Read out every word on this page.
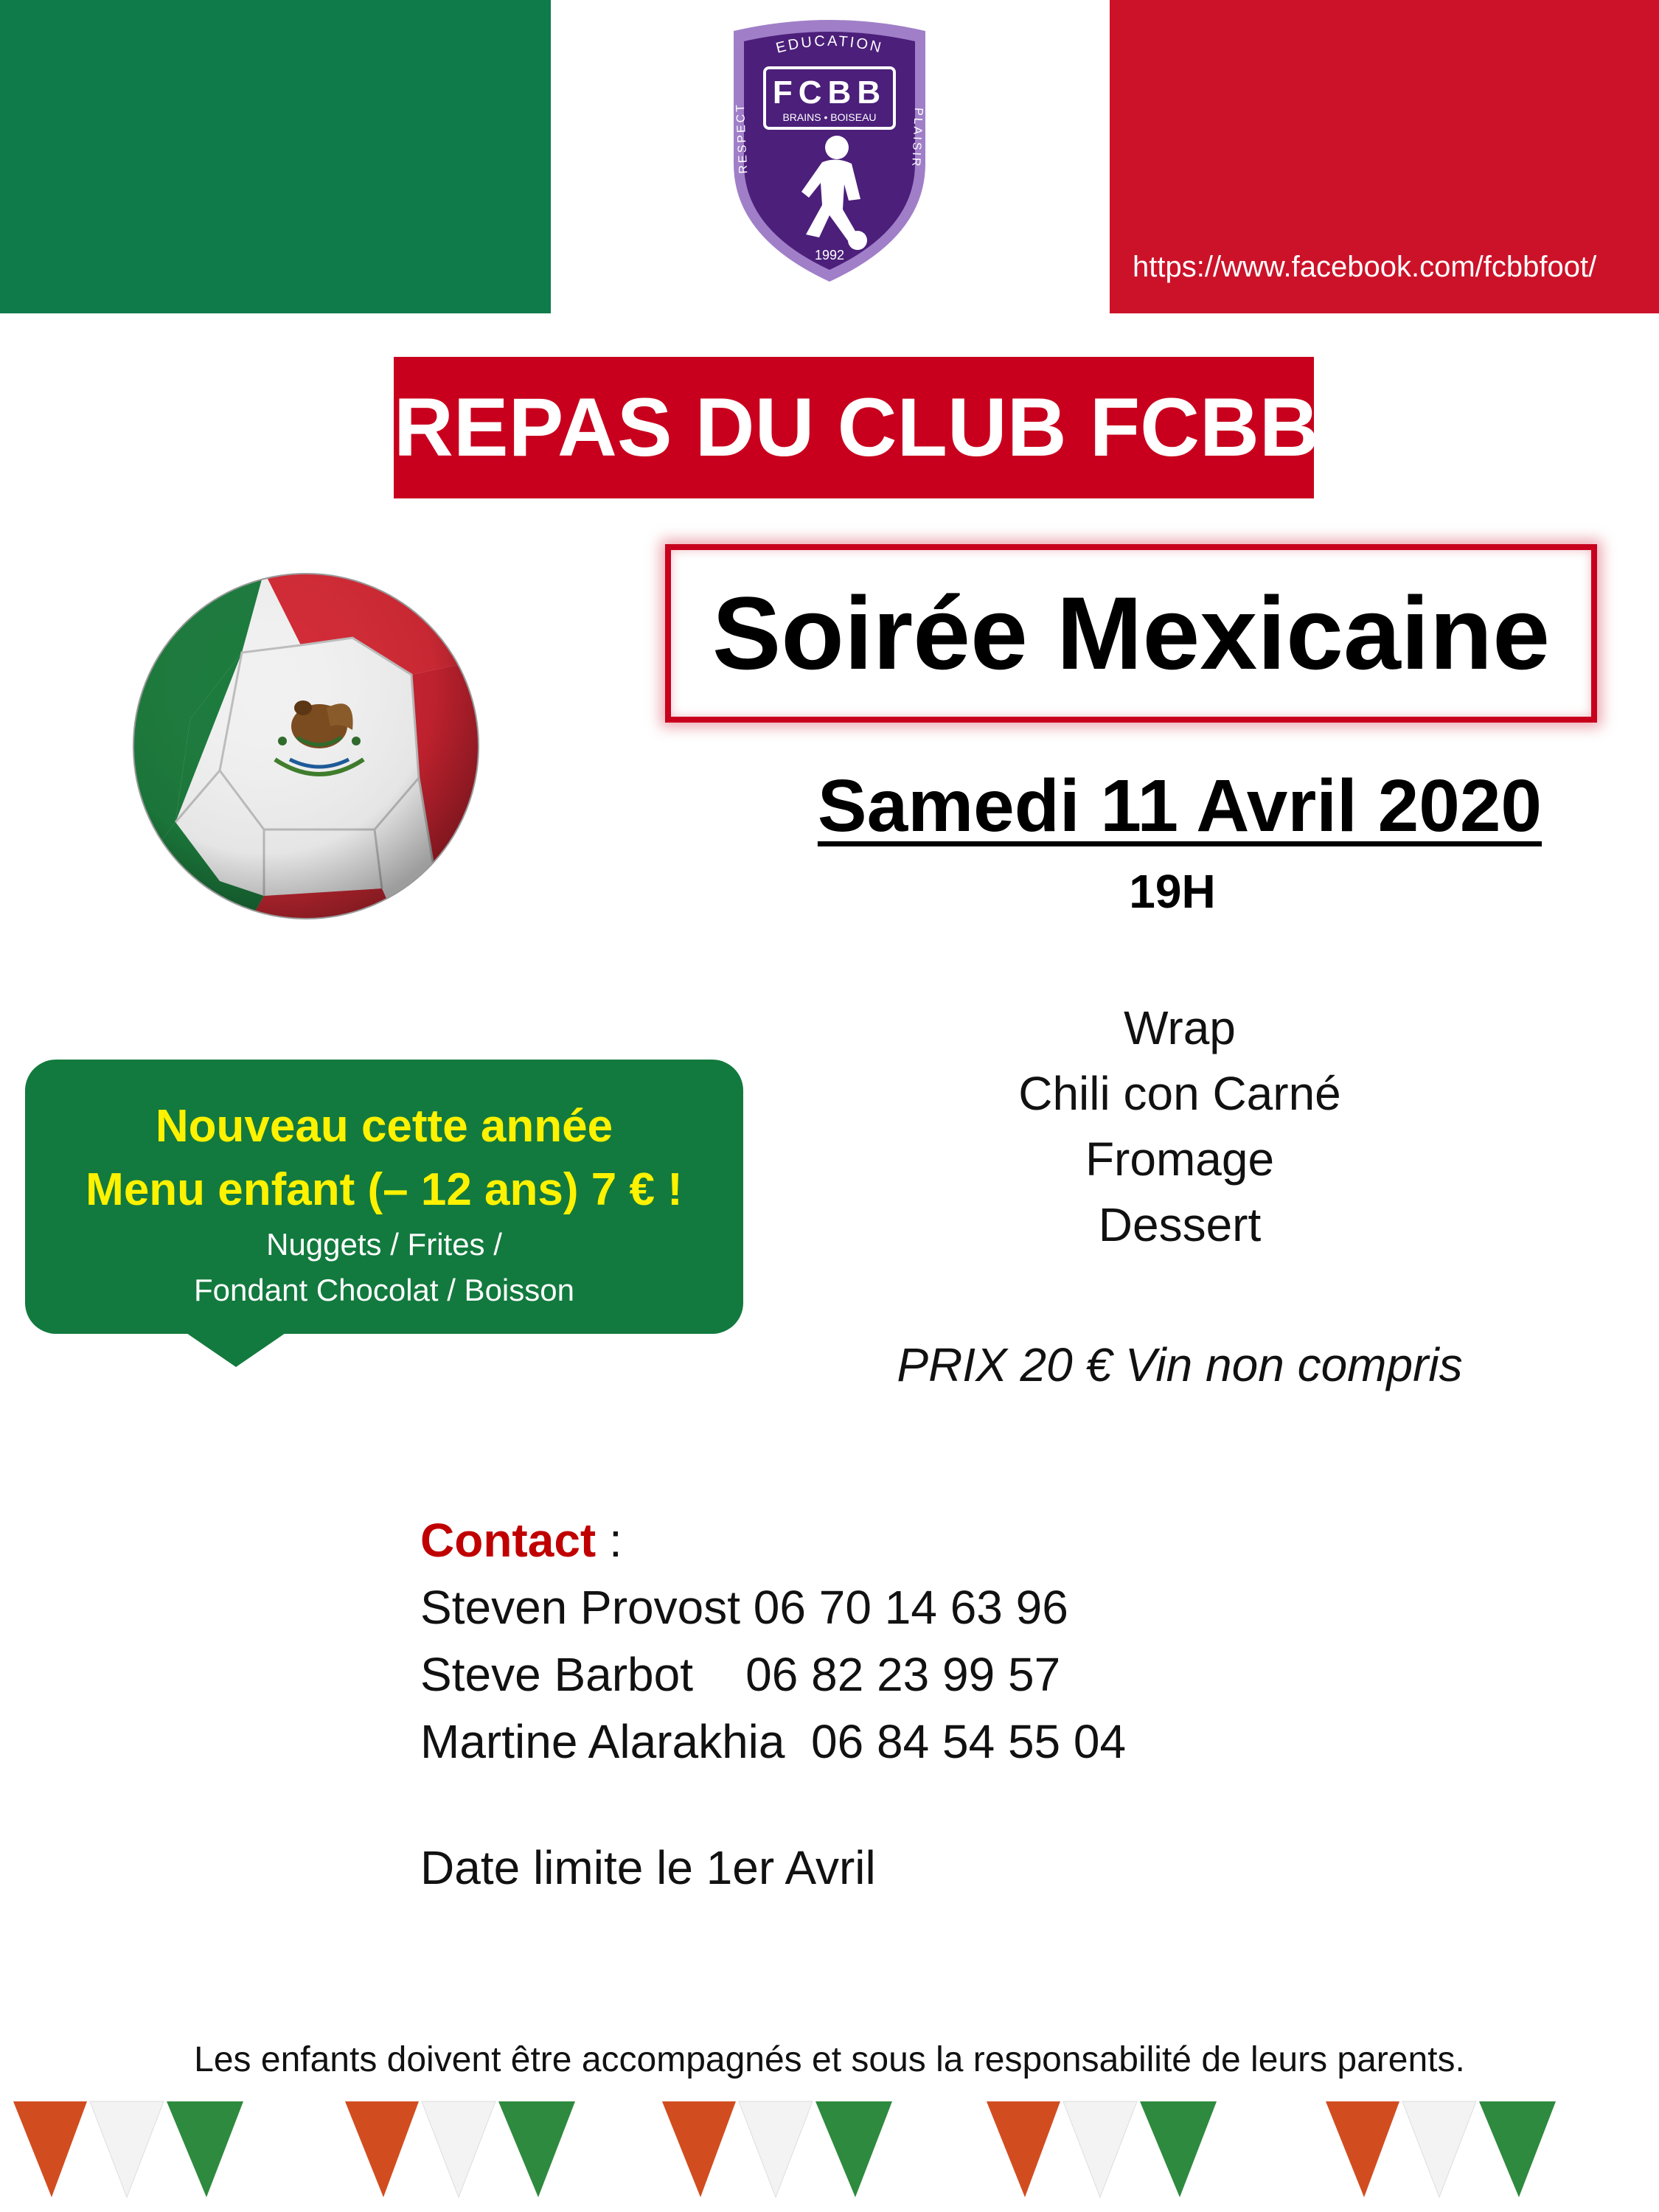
https://www.facebook.com/fcbbfoot/
EDUCATION
RESPECT
PLAISIR
FCBB
BRAINS • BOISEAU
1992
REPAS DU CLUB FCBB
Soirée Mexicaine
Samedi 11 Avril 2020
19H
Wrap
Chili con Carné
Fromage
Dessert
PRIX 20 € Vin non compris
Nouveau cette année
Menu enfant (– 12 ans) 7 € !
Nuggets / Frites /
Fondant Chocolat / Boisson
Contact :
Steven Provost 06 70 14 63 96
Steve Barbot    06 82 23 99 57
Martine Alarakhia  06 84 54 55 04
Date limite le 1er Avril
Les enfants doivent être accompagnés et sous la responsabilité de leurs parents.
